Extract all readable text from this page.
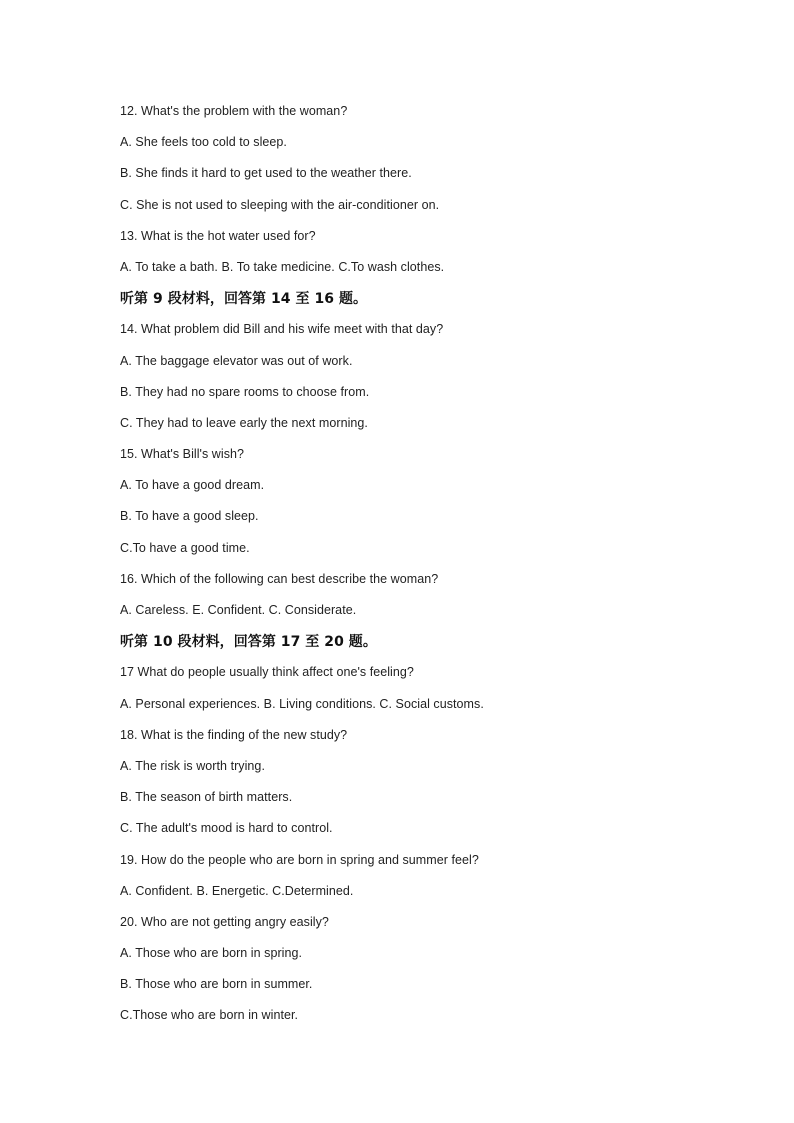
12. What's the problem with the woman?
A. She feels too cold to sleep.
B. She finds it hard to get used to the weather there.
C. She is not used to sleeping with the air-conditioner on.
13. What is the hot water used for?
A. To take a bath. B. To take medicine. C.To wash clothes.
听第 9 段材料，回答第 14 至 16 题。
14. What problem did Bill and his wife meet with that day?
A. The baggage elevator was out of work.
B. They had no spare rooms to choose from.
C. They had to leave early the next morning.
15. What's Bill's wish?
A. To have a good dream.
B. To have a good sleep.
C.To have a good time.
16. Which of the following can best describe the woman?
A. Careless. E. Confident. C. Considerate.
听第 10 段材料，回答第 17 至 20 题。
17 What do people usually think affect one's feeling?
A. Personal experiences. B. Living conditions. C. Social customs.
18. What is the finding of the new study?
A. The risk is worth trying.
B. The season of birth matters.
C. The adult's mood is hard to control.
19. How do the people who are born in spring and summer feel?
A. Confident. B. Energetic. C.Determined.
20. Who are not getting angry easily?
A. Those who are born in spring.
B. Those who are born in summer.
C.Those who are born in winter.
